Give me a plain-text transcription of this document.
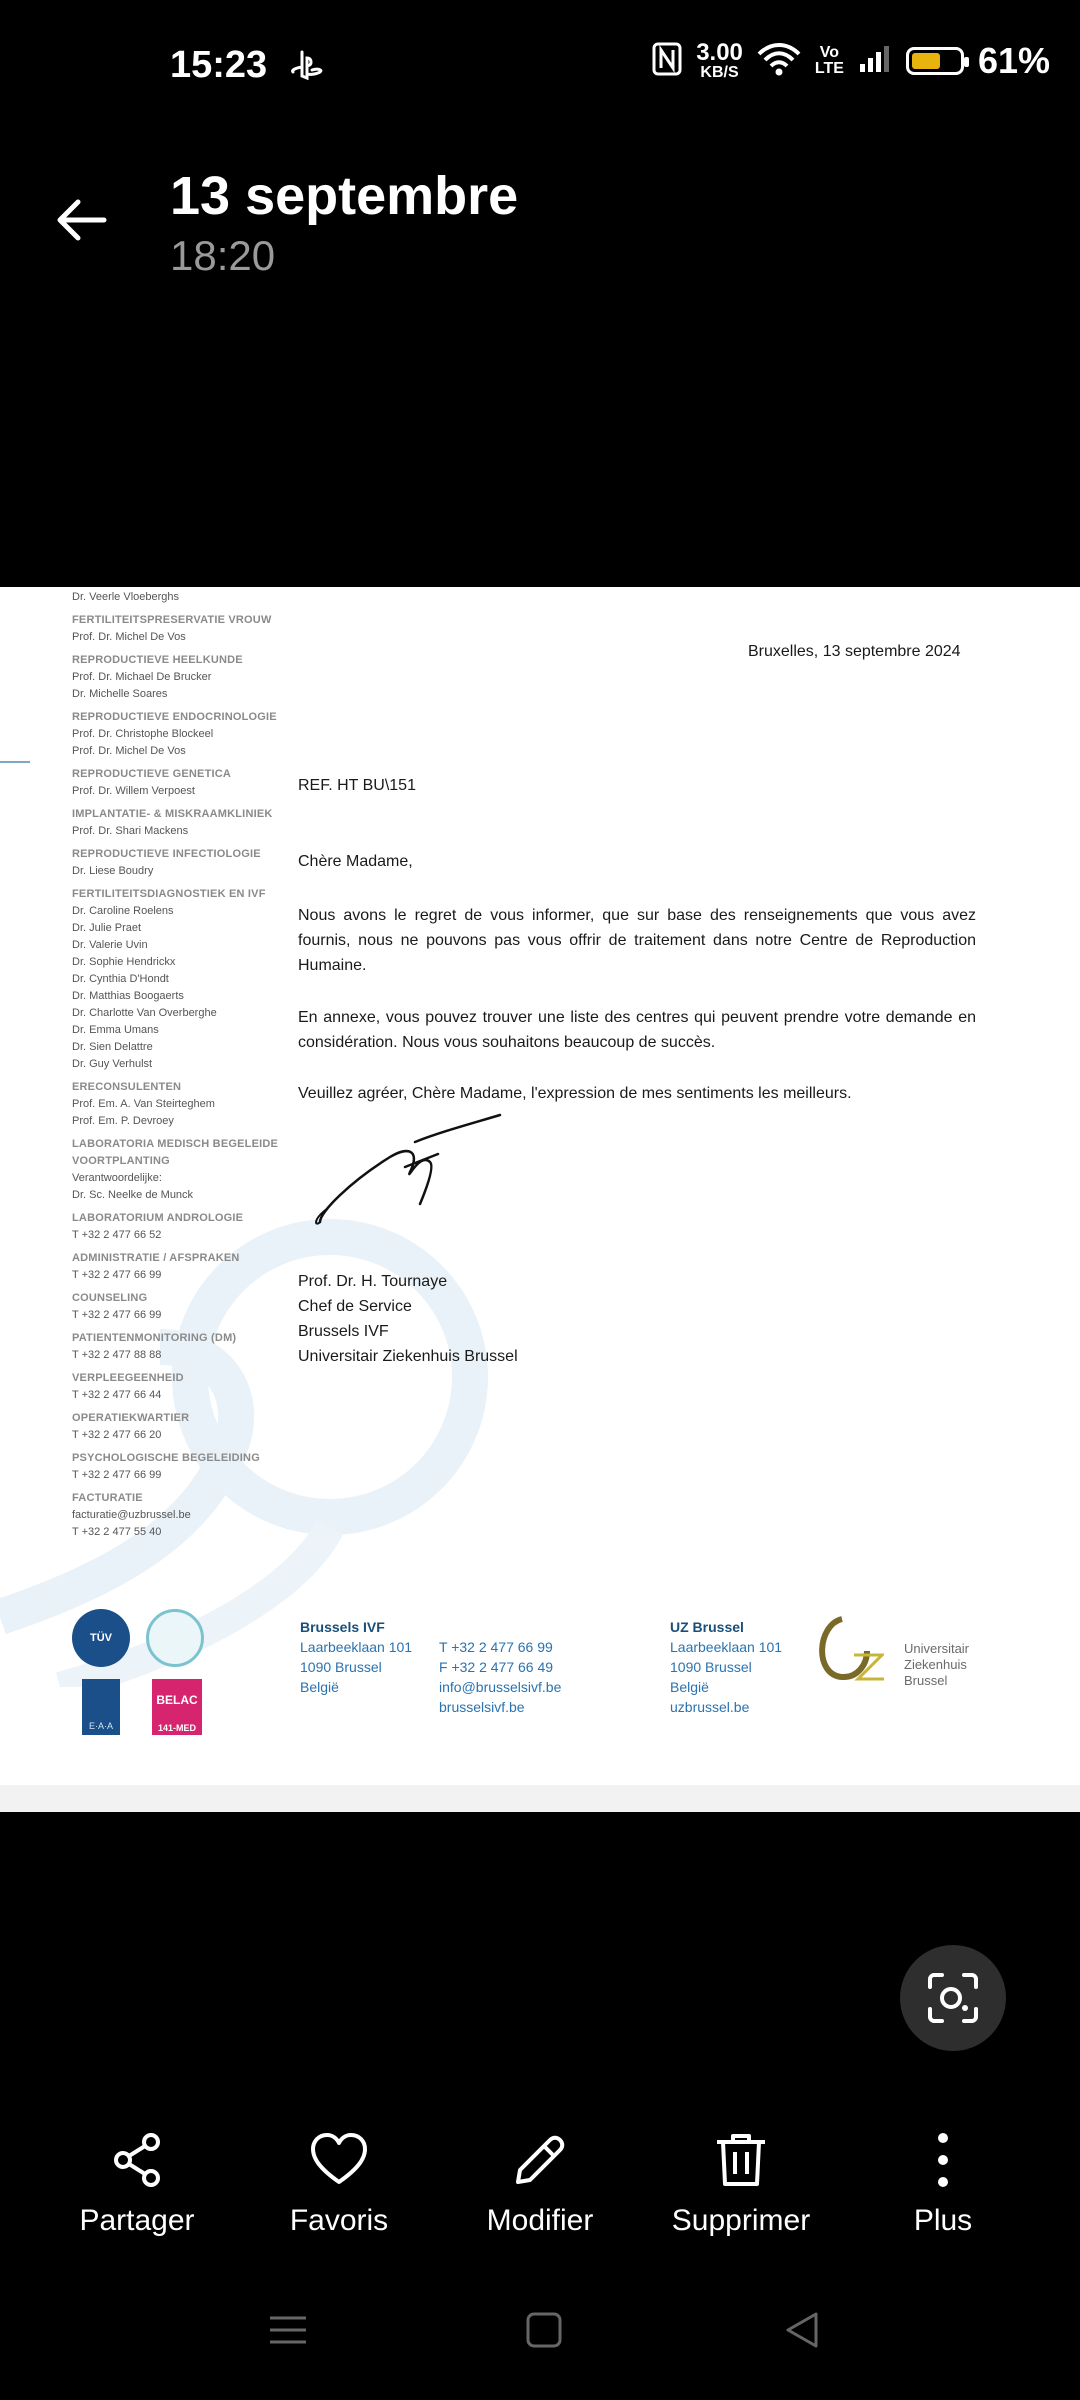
15:23	3.00
KB/S
Vo
LTE	61%
13 septembre
18:20
Dr. Veerle Vloeberghs
FERTILITEITSPRESERVATIE VROUW
Prof. Dr. Michel De Vos
REPRODUCTIEVE HEELKUNDE
Prof. Dr. Michael De Brucker
Dr. Michelle Soares
REPRODUCTIEVE ENDOCRINOLOGIE
Prof. Dr. Christophe Blockeel
Prof. Dr. Michel De Vos
REPRODUCTIEVE GENETICA
Prof. Dr. Willem Verpoest
IMPLANTATIE- & MISKRAAMKLINIEK
Prof. Dr. Shari Mackens
REPRODUCTIEVE INFECTIOLOGIE
Dr. Liese Boudry
FERTILITEITSDIAGNOSTIEK EN IVF
Dr. Caroline Roelens
Dr. Julie Praet
Dr. Valerie Uvin
Dr. Sophie Hendrickx
Dr. Cynthia D'Hondt
Dr. Matthias Boogaerts
Dr. Charlotte Van Overberghe
Dr. Emma Umans
Dr. Sien Delattre
Dr. Guy Verhulst
ERECONSULENTEN
Prof. Em. A. Van Steirteghem
Prof. Em. P. Devroey
LABORATORIA MEDISCH BEGELEIDE VOORTPLANTING
Verantwoordelijke:
Dr. Sc. Neelke de Munck
LABORATORIUM ANDROLOGIE
T +32 2 477 66 52
ADMINISTRATIE / AFSPRAKEN
T +32 2 477 66 99
COUNSELING
T +32 2 477 66 99
PATIENTENMONITORING (DM)
T +32 2 477 88 88
VERPLEEGEENHEID
T +32 2 477 66 44
OPERATIEKWARTIER
T +32 2 477 66 20
PSYCHOLOGISCHE BEGELEIDING
T +32 2 477 66 99
FACTURATIE
facturatie@uzbrussel.be
T +32 2 477 55 40
Bruxelles, 13 septembre 2024
REF. HT BU\151
Chère Madame,
Nous avons le regret de vous informer, que sur base des renseignements que vous avez fournis, nous ne pouvons pas vous offrir de traitement dans notre Centre de Reproduction Humaine.
En annexe, vous pouvez trouver une liste des centres qui peuvent prendre votre demande en considération. Nous vous souhaitons beaucoup de succès.
Veuillez agréer, Chère Madame, l'expression de mes sentiments les meilleurs.
Prof. Dr. H. Tournaye
Chef de Service
Brussels IVF
Universitair Ziekenhuis Brussel
TÜV
E·A·A
BELAC
141-MED
Brussels IVF
Laarbeeklaan 101
1090 Brussel
België
T +32 2 477 66 99
F +32 2 477 66 49
info@brusselsivf.be
brusselsivf.be
UZ Brussel
Laarbeeklaan 101
1090 Brussel
België
uzbrussel.be
Universitair
Ziekenhuis
Brussel
Partager	Favoris	Modifier	Supprimer	Plus
